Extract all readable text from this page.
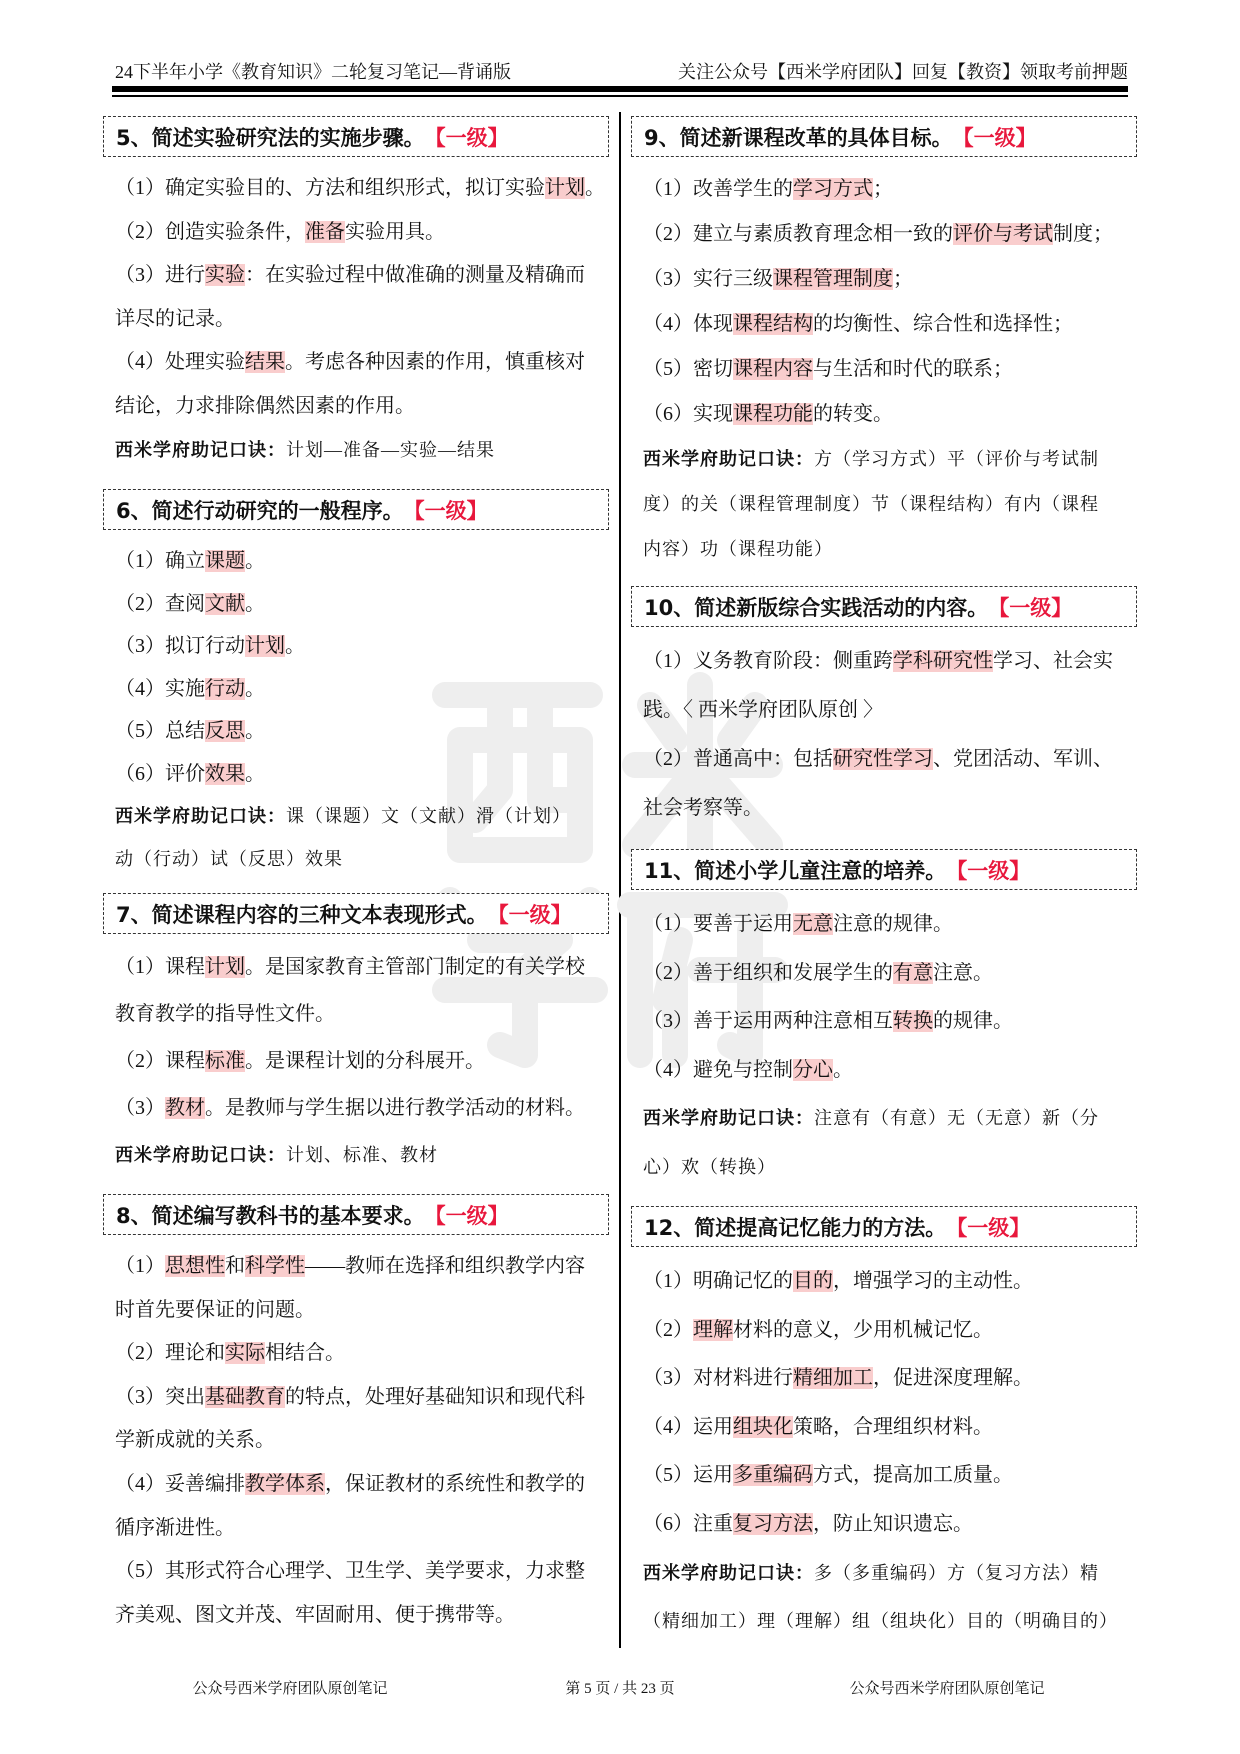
24下半年小学《教育知识》二轮复习笔记—背诵版	关注公众号【西米学府团队】回复【教资】领取考前押题
5、简述实验研究法的实施步骤。 【一级】
（1）确定实验目的、方法和组织形式，拟订实验计划。
（2）创造实验条件，准备实验用具。
（3）进行实验：在实验过程中做准确的测量及精确而
详尽的记录。
（4）处理实验结果。考虑各种因素的作用，慎重核对
结论，力求排除偶然因素的作用。
西米学府助记口诀：计划—准备—实验—结果
6、简述行动研究的一般程序。 【一级】
（1）确立课题。
（2）查阅文献。
（3）拟订行动计划。
（4）实施行动。
（5）总结反思。
（6）评价效果。
西米学府助记口诀：课（课题）文（文献）滑（计划）
动（行动）试（反思）效果
7、简述课程内容的三种文本表现形式。 【一级】
（1）课程计划。是国家教育主管部门制定的有关学校
教育教学的指导性文件。
（2）课程标准。是课程计划的分科展开。
（3）教材。是教师与学生据以进行教学活动的材料。
西米学府助记口诀：计划、标准、教材
8、简述编写教科书的基本要求。 【一级】
（1）思想性和科学性——教师在选择和组织教学内容
时首先要保证的问题。
（2）理论和实际相结合。
（3）突出基础教育的特点，处理好基础知识和现代科
学新成就的关系。
（4）妥善编排教学体系，保证教材的系统性和教学的
循序渐进性。
（5）其形式符合心理学、卫生学、美学要求，力求整
齐美观、图文并茂、牢固耐用、便于携带等。
9、简述新课程改革的具体目标。 【一级】
（1）改善学生的学习方式；
（2）建立与素质教育理念相一致的评价与考试制度；
（3）实行三级课程管理制度；
（4）体现课程结构的均衡性、综合性和选择性；
（5）密切课程内容与生活和时代的联系；
（6）实现课程功能的转变。
西米学府助记口诀：方（学习方式）平（评价与考试制
度）的关（课程管理制度）节（课程结构）有内（课程
内容）功（课程功能）
10、简述新版综合实践活动的内容。 【一级】
（1）义务教育阶段：侧重跨学科研究性学习、社会实
践。〈 西米学府团队原创 〉
（2）普通高中：包括研究性学习、党团活动、军训、
社会考察等。
11、简述小学儿童注意的培养。 【一级】
（1）要善于运用无意注意的规律。
（2）善于组织和发展学生的有意注意。
（3）善于运用两种注意相互转换的规律。
（4）避免与控制分心。
西米学府助记口诀：注意有（有意）无（无意）新（分
心）欢（转换）
12、简述提高记忆能力的方法。 【一级】
（1）明确记忆的目的，增强学习的主动性。
（2）理解材料的意义，少用机械记忆。
（3）对材料进行精细加工，促进深度理解。
（4）运用组块化策略，合理组织材料。
（5）运用多重编码方式，提高加工质量。
（6）注重复习方法，防止知识遗忘。
西米学府助记口诀：多（多重编码）方（复习方法）精
（精细加工）理（理解）组（组块化）目的（明确目的）
公众号西米学府团队原创笔记	第 5 页 / 共 23 页	公众号西米学府团队原创笔记
